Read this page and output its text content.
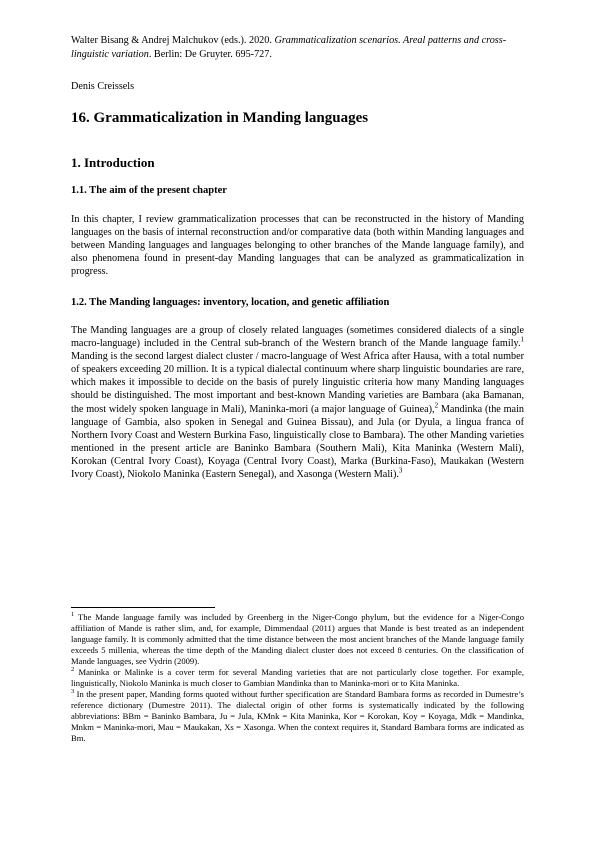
Walter Bisang & Andrej Malchukov (eds.). 2020. Grammaticalization scenarios. Areal patterns and cross-linguistic variation. Berlin: De Gruyter. 695-727.

Denis Creissels

16. Grammaticalization in Manding languages
1. Introduction
1.1. The aim of the present chapter

In this chapter, I review grammaticalization processes that can be reconstructed in the history of Manding languages on the basis of internal reconstruction and/or comparative data (both within Manding languages and between Manding languages and languages belonging to other branches of the Mande language family), and also phenomena found in present-day Manding languages that can be analyzed as grammaticalization in progress.

1.2. The Manding languages: inventory, location, and genetic affiliation

The Manding languages are a group of closely related languages (sometimes considered dialects of a single macro-language) included in the Central sub-branch of the Western branch of the Mande language family.$^1$ Manding is the second largest dialect cluster / macro-language of West Africa after Hausa, with a total number of speakers exceeding 20 million. It is a typical dialectal continuum where sharp linguistic boundaries are rare, which makes it impossible to decide on the basis of purely linguistic criteria how many Manding languages should be distinguished. The most important and best-known Manding varieties are Bambara (aka Bamanan, the most widely spoken language in Mali), Maninka-mori (a major language of Guinea),$^2$ Mandinka (the main language of Gambia, also spoken in Senegal and Guinea Bissau), and Jula (or Dyula, a lingua franca of Northern Ivory Coast and Western Burkina Faso, linguistically close to Bambara). The other Manding varieties mentioned in the present article are Baninko Bambara (Southern Mali), Kita Maninka (Western Mali), Korokan (Central Ivory Coast), Koyaga (Central Ivory Coast), Marka (Burkina-Faso), Maukakan (Western Ivory Coast), Niokolo Maninka (Eastern Senegal), and Xasonga (Western Mali).$^3$

$^1$ The Mande language family was included by Greenberg in the Niger-Congo phylum, but the evidence for a Niger-Congo affiliation of Mande is rather slim, and, for example, Dimmendaal (2011) argues that Mande is best treated as an independent language family. It is commonly admitted that the time distance between the most ancient branches of the Mande language family exceeds 5 millenia, whereas the time depth of the Manding dialect cluster does not exceed 8 centuries. On the classification of Mande languages, see Vydrin (2009).

$^2$ Maninka or Malinke is a cover term for several Manding varieties that are not particularly close together. For example, linguistically, Niokolo Maninka is much closer to Gambian Mandinka than to Maninka-mori or to Kita Maninka.

$^3$ In the present paper, Manding forms quoted without further specification are Standard Bambara forms as recorded in Dumestre’s reference dictionary (Dumestre 2011). The dialectal origin of other forms is systematically indicated by the following abbreviations: BBm = Baninko Bambara, Ju = Jula, KMnk = Kita Maninka, Kor = Korokan, Koy = Koyaga, Mdk = Mandinka, Mnkm = Maninka-mori, Mau = Maukakan, Xs = Xasonga. When the context requires it, Standard Bambara forms are indicated as Bm.
